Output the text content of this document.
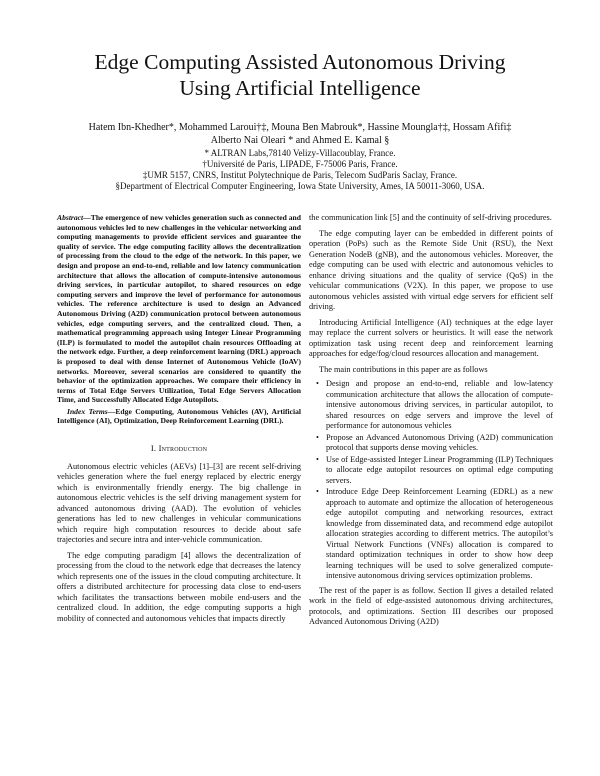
Edge Computing Assisted Autonomous Driving
Using Artificial Intelligence
Hatem Ibn-Khedher*, Mohammed Laroui†‡, Mouna Ben Mabrouk*, Hassine Moungla†‡, Hossam Afifi‡
Alberto Nai Oleari * and Ahmed E. Kamal §
* ALTRAN Labs,78140 Velizy-Villacoublay, France.
†Université de Paris, LIPADE, F-75006 Paris, France.
‡UMR 5157, CNRS, Institut Polytechnique de Paris, Telecom SudParis Saclay, France.
§Department of Electrical Computer Engineering, Iowa State University, Ames, IA 50011-3060, USA.
Abstract—The emergence of new vehicles generation such as connected and autonomous vehicles led to new challenges in the vehicular networking and computing managements to provide efficient services and guarantee the quality of service. The edge computing facility allows the decentralization of processing from the cloud to the edge of the network. In this paper, we design and propose an end-to-end, reliable and low latency communication architecture that allows the allocation of compute-intensive autonomous driving services, in particular autopilot, to shared resources on edge computing servers and improve the level of performance for autonomous vehicles. The reference architecture is used to design an Advanced Autonomous Driving (A2D) communication protocol between autonomous vehicles, edge computing servers, and the centralized cloud. Then, a mathematical programming approach using Integer Linear Programming (ILP) is formulated to model the autopilot chain resources Offloading at the network edge. Further, a deep reinforcement learning (DRL) approach is proposed to deal with dense Internet of Autonomous Vehicle (IoAV) networks. Moreover, several scenarios are considered to quantify the behavior of the optimization approaches. We compare their efficiency in terms of Total Edge Servers Utilization, Total Edge Servers Allocation Time, and Successfully Allocated Edge Autopilots.
Index Terms—Edge Computing, Autonomous Vehicles (AV), Artificial Intelligence (AI), Optimization, Deep Reinforcement Learning (DRL).
I. Introduction

Autonomous electric vehicles (AEVs) [1]–[3] are recent self-driving vehicles generation where the fuel energy replaced by electric energy which is environmentally friendly energy. The big challenge in autonomous electric vehicles is the self driving management system for advanced autonomous driving (AAD). The evolution of vehicles generations has led to new challenges in vehicular communications which require high computation resources to decide about safe trajectories and secure intra and inter-vehicle communication.

The edge computing paradigm [4] allows the decentralization of processing from the cloud to the network edge that decreases the latency which represents one of the issues in the cloud computing architecture. It offers a distributed architecture for processing data close to end-users which facilitates the transactions between mobile end-users and the centralized cloud. In addition, the edge computing supports a high mobility of connected and autonomous vehicles that impacts directly

the communication link [5] and the continuity of self-driving procedures.

The edge computing layer can be embedded in different points of operation (PoPs) such as the Remote Side Unit (RSU), the Next Generation NodeB (gNB), and the autonomous vehicles. Moreover, the edge computing can be used with electric and autonomous vehicles to enhance driving situations and the quality of service (QoS) in the vehicular communications (V2X). In this paper, we propose to use autonomous vehicles assisted with virtual edge servers for efficient self driving.

Introducing Artificial Intelligence (AI) techniques at the edge layer may replace the current solvers or heuristics. It will ease the network optimization task using recent deep and reinforcement learning approaches for edge/fog/cloud resources allocation and management.

The main contributions in this paper are as follows

• Design and propose an end-to-end, reliable and low-latency communication architecture that allows the allocation of compute-intensive autonomous driving services, in particular autopilot, to shared resources on edge servers and improve the level of performance for autonomous vehicles
• Propose an Advanced Autonomous Driving (A2D) communication protocol that supports dense moving vehicles.
• Use of Edge-assisted Integer Linear Programming (ILP) Techniques to allocate edge autopilot resources on optimal edge computing servers.
• Introduce Edge Deep Reinforcement Learning (EDRL) as a new approach to automate and optimize the allocation of heterogeneous edge autopilot computing and networking resources, extract knowledge from disseminated data, and recommend edge autopilot allocation strategies according to different metrics. The autopilot’s Virtual Network Functions (VNFs) allocation is compared to standard optimization techniques in order to show how deep learning techniques will be used to solve generalized compute-intensive autonomous driving services optimization problems.

The rest of the paper is as follow. Section II gives a detailed related work in the field of edge-assisted autonomous driving architectures, protocols, and optimizations. Section III describes our proposed Advanced Autonomous Driving (A2D)
